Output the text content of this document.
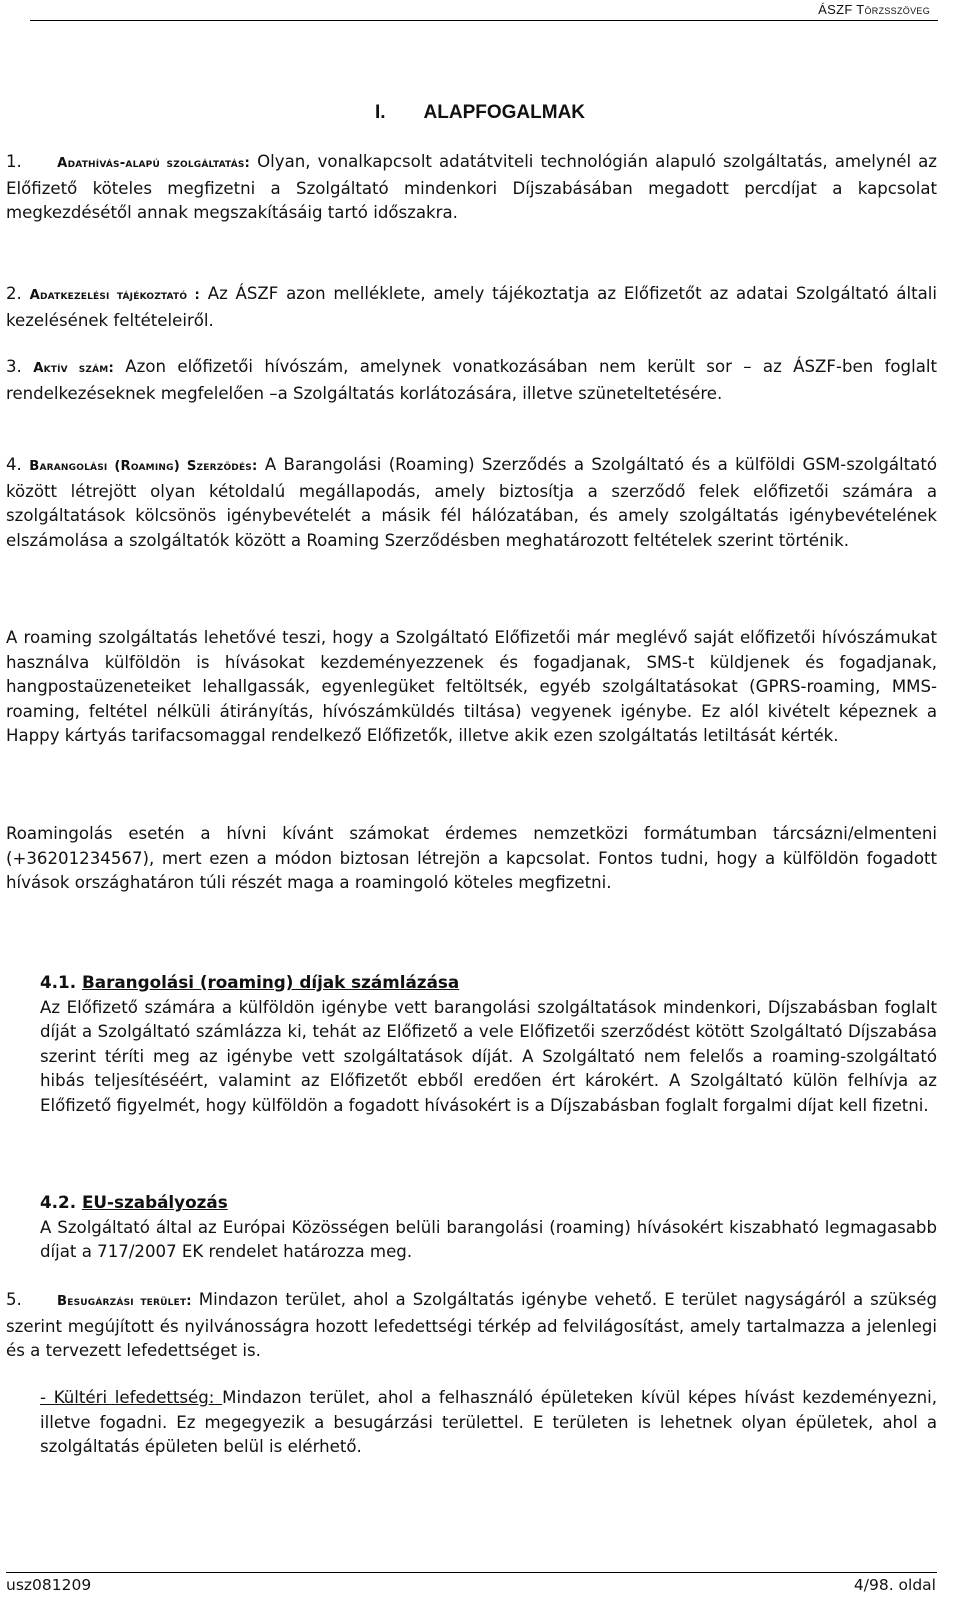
ÁSZF Törzsszöveg
I. ALAPFOGALMAK

1.	Adathívás-alapú szolgáltatás: Olyan, vonalkapcsolt adatátviteli technológián alapuló szolgáltatás, amelynél az Előfizető köteles megfizetni a Szolgáltató mindenkori Díjszabásában megadott percdíjat a kapcsolat megkezdésétől annak megszakításáig tartó időszakra.

2. Adatkezelési tájékoztató : Az ÁSZF azon melléklete, amely tájékoztatja az Előfizetőt az adatai Szolgáltató általi kezelésének feltételeiről.

3. Aktív szám: Azon előfizetői hívószám, amelynek vonatkozásában nem került sor – az ÁSZF-ben foglalt rendelkezéseknek megfelelően –a Szolgáltatás korlátozására, illetve szüneteltetésére.

4. Barangolási (Roaming) Szerződés: A Barangolási (Roaming) Szerződés a Szolgáltató és a külföldi GSM-szolgáltató között létrejött olyan kétoldalú megállapodás, amely biztosítja a szerződő felek előfizetői számára a szolgáltatások kölcsönös igénybevételét a másik fél hálózatában, és amely szolgáltatás igénybevételének elszámolása a szolgáltatók között a Roaming Szerződésben meghatározott feltételek szerint történik.

A roaming szolgáltatás lehetővé teszi, hogy a Szolgáltató Előfizetői már meglévő saját előfizetői hívószámukat használva külföldön is hívásokat kezdeményezzenek és fogadjanak, SMS-t küldjenek és fogadjanak, hangpostaüzeneteiket lehallgassák, egyenlegüket feltöltsék, egyéb szolgáltatásokat (GPRS-roaming, MMS-roaming, feltétel nélküli átirányítás, hívószámküldés tiltása) vegyenek igénybe. Ez alól kivételt képeznek a Happy kártyás tarifacsomaggal rendelkező Előfizetők, illetve akik ezen szolgáltatás letiltását kérték.

Roamingolás esetén a hívni kívánt számokat érdemes nemzetközi formátumban tárcsázni/elmenteni (+36201234567), mert ezen a módon biztosan létrejön a kapcsolat. Fontos tudni, hogy a külföldön fogadott hívások országhatáron túli részét maga a roamingoló köteles megfizetni.

4.1. Barangolási (roaming) díjak számlázása
Az Előfizető számára a külföldön igénybe vett barangolási szolgáltatások mindenkori, Díjszabásban foglalt díját a Szolgáltató számlázza ki, tehát az Előfizető a vele Előfizetői szerződést kötött Szolgáltató Díjszabása szerint téríti meg az igénybe vett szolgáltatások díját. A Szolgáltató nem felelős a roaming-szolgáltató hibás teljesítéséért, valamint az Előfizetőt ebből eredően ért károkért. A Szolgáltató külön felhívja az Előfizető figyelmét, hogy külföldön a fogadott hívásokért is a Díjszabásban foglalt forgalmi díjat kell fizetni.

4.2. EU-szabályozás
A Szolgáltató által az Európai Közösségen belüli barangolási (roaming) hívásokért kiszabható legmagasabb díjat a 717/2007 EK rendelet határozza meg.

5.	Besugárzási terület: Mindazon terület, ahol a Szolgáltatás igénybe vehető. E terület nagyságáról a szükség szerint megújított és nyilvánosságra hozott lefedettségi térkép ad felvilágosítást, amely tartalmazza a jelenlegi és a tervezett lefedettséget is.

- Kültéri lefedettség: Mindazon terület, ahol a felhasználó épületeken kívül képes hívást kezdeményezni, illetve fogadni. Ez megegyezik a besugárzási területtel. E területen is lehetnek olyan épületek, ahol a szolgáltatás épületen belül is elérhető.

usz081209	4/98. oldal
